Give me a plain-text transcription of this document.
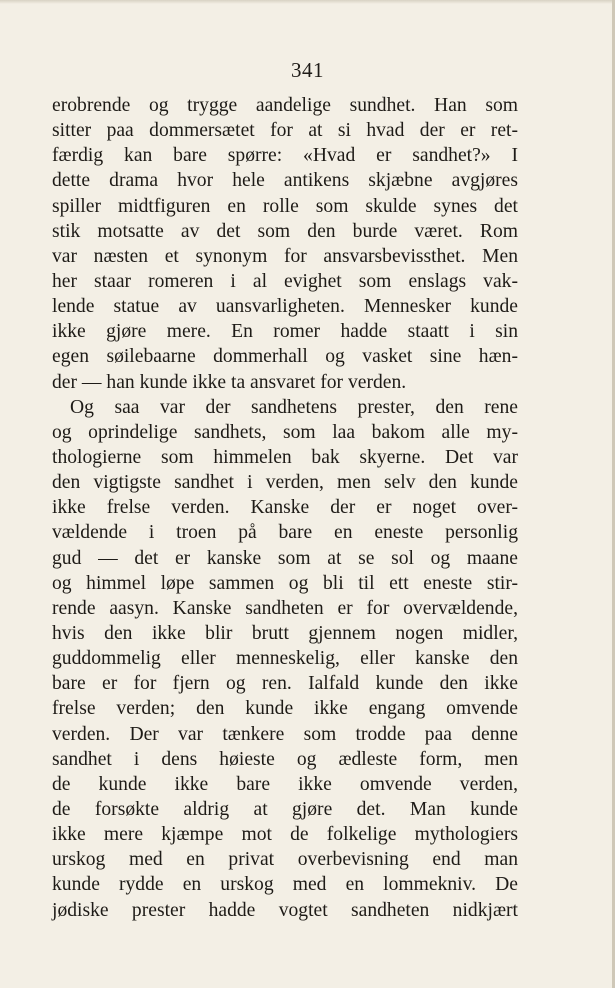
341
erobrende og trygge aandelige sundhet. Han som
sitter paa dommersætet for at si hvad der er ret-
færdig kan bare spørre: «Hvad er sandhet?» I
dette drama hvor hele antikens skjæbne avgjøres
spiller midtfiguren en rolle som skulde synes det
stik motsatte av det som den burde været. Rom
var næsten et synonym for ansvarsbevissthet. Men
her staar romeren i al evighet som enslags vak-
lende statue av uansvarligheten. Mennesker kunde
ikke gjøre mere. En romer hadde staatt i sin
egen søilebaarne dommerhall og vasket sine hæn-
der — han kunde ikke ta ansvaret for verden.
Og saa var der sandhetens prester, den rene
og oprindelige sandhets, som laa bakom alle my-
thologierne som himmelen bak skyerne. Det var
den vigtigste sandhet i verden, men selv den kunde
ikke frelse verden. Kanske der er noget over-
vældende i troen på bare en eneste personlig
gud — det er kanske som at se sol og maane
og himmel løpe sammen og bli til ett eneste stir-
rende aasyn. Kanske sandheten er for overvældende,
hvis den ikke blir brutt gjennem nogen midler,
guddommelig eller menneskelig, eller kanske den
bare er for fjern og ren. Ialfald kunde den ikke
frelse verden; den kunde ikke engang omvende
verden. Der var tænkere som trodde paa denne
sandhet i dens høieste og ædleste form, men
de kunde ikke bare ikke omvende verden,
de forsøkte aldrig at gjøre det. Man kunde
ikke mere kjæmpe mot de folkelige mythologiers
urskog med en privat overbevisning end man
kunde rydde en urskog med en lommekniv. De
jødiske prester hadde vogtet sandheten nidkjært
